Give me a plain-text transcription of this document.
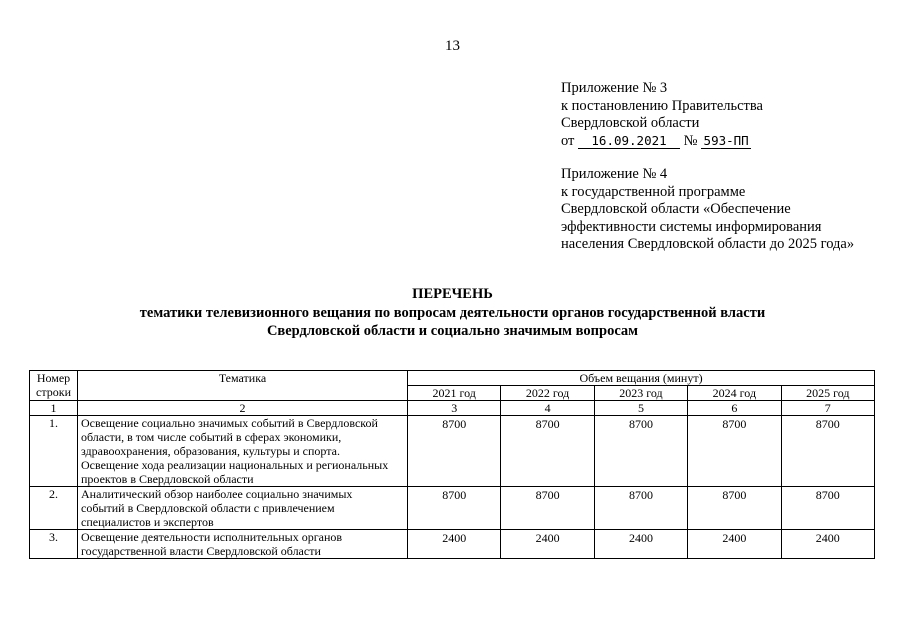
13
Приложение № 3
к постановлению Правительства
Свердловской области
от 16.09.2021 № 593-ПП
Приложение № 4
к государственной программе
Свердловской области «Обеспечение
эффективности системы информирования
населения Свердловской области до 2025 года»
ПЕРЕЧЕНЬ
тематики телевизионного вещания по вопросам деятельности органов государственной власти
Свердловской области и социально значимым вопросам
Номер
строки	Тематика	Объем вещания (минут)				
		2021 год	2022 год	2023 год	2024 год	2025 год
1	2	3	4	5	6	7
1.	Освещение социально значимых событий в Свердловской
области, в том числе событий в сферах экономики,
здравоохранения, образования, культуры и спорта.
Освещение хода реализации национальных и региональных
проектов в Свердловской области	8700	8700	8700	8700	8700
2.	Аналитический обзор наиболее социально значимых
событий в Свердловской области с привлечением
специалистов и экспертов	8700	8700	8700	8700	8700
3.	Освещение деятельности исполнительных органов
государственной власти Свердловской области	2400	2400	2400	2400	2400
